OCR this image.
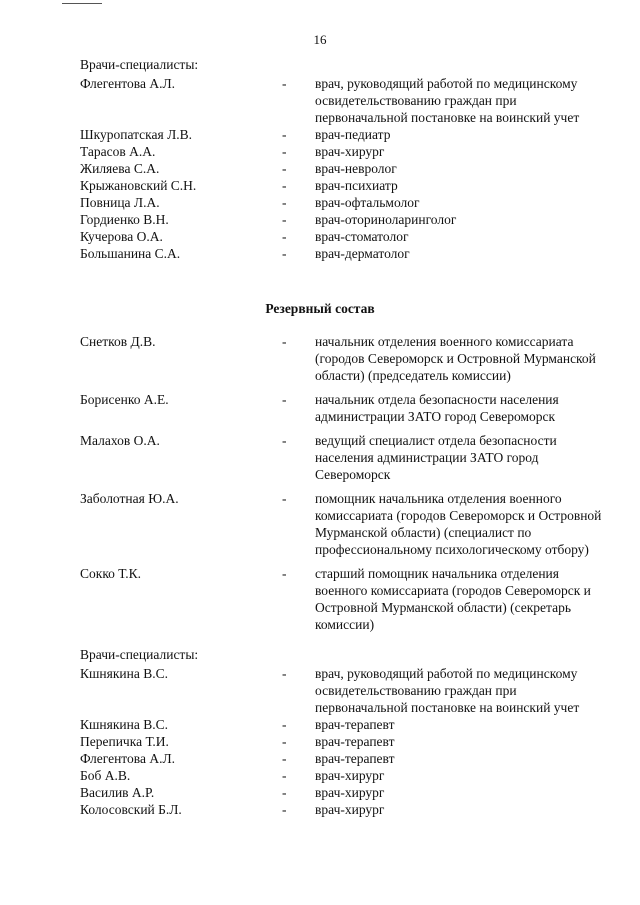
16
Врачи-специалисты:
Флегентова А.Л.	- врач, руководящий работой по медицинскому освидетельствованию граждан при первоначальной постановке на воинский учет
Шкуропатская Л.В.	- врач-педиатр
Тарасов А.А.	- врач-хирург
Жиляева С.А.	- врач-невролог
Крыжановский С.Н.	- врач-психиатр
Повница Л.А.	- врач-офтальмолог
Гордиенко В.Н.	- врач-оториноларинголог
Кучерова О.А.	- врач-стоматолог
Большанина С.А.	- врач-дерматолог
Резервный состав
Снетков Д.В.	- начальник отделения военного комиссариата (городов Североморск и Островной Мурманской области) (председатель комиссии)
Борисенко А.Е.	- начальник отдела безопасности населения администрации ЗАТО город Североморск
Малахов О.А.	- ведущий специалист отдела безопасности населения администрации ЗАТО город Североморск
Заболотная Ю.А.	- помощник начальника отделения военного комиссариата (городов Североморск и Островной Мурманской области) (специалист по профессиональному психологическому отбору)
Сокко Т.К.	- старший помощник начальника отделения военного комиссариата (городов Североморск и Островной Мурманской области) (секретарь комиссии)
Врачи-специалисты:
Кшнякина В.С.	- врач, руководящий работой по медицинскому освидетельствованию граждан при первоначальной постановке на воинский учет
Кшнякина В.С.	- врач-терапевт
Перепичка Т.И.	- врач-терапевт
Флегентова А.Л.	- врач-терапевт
Боб А.В.	- врач-хирург
Василив А.Р.	- врач-хирург
Колосовский Б.Л.	- врач-хирург
